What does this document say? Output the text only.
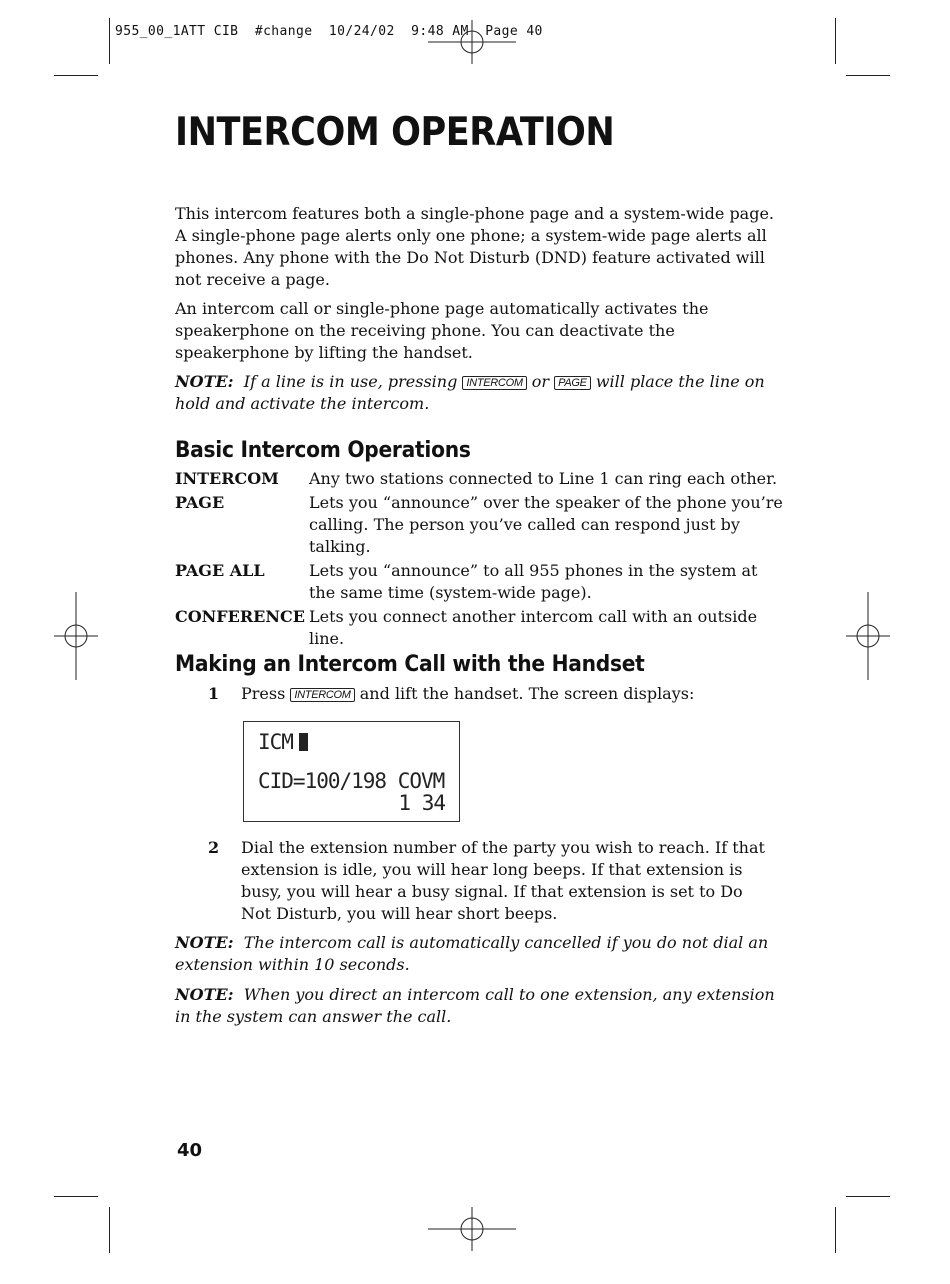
955_00_1ATT CIB  #change  10/24/02  9:48 AM  Page 40
INTERCOM OPERATION

This intercom features both a single-phone page and a system-wide page. A single-phone page alerts only one phone; a system-wide page alerts all phones. Any phone with the Do Not Disturb (DND) feature activated will not receive a page.

An intercom call or single-phone page automatically activates the speakerphone on the receiving phone. You can deactivate the speakerphone by lifting the handset.

NOTE: If a line is in use, pressing INTERCOM or PAGE will place the line on hold and activate the intercom.

Basic Intercom Operations
INTERCOM Any two stations connected to Line 1 can ring each other.
PAGE	Lets you “announce” over the speaker of the phone you’re calling. The person you’ve called can respond just by talking.
PAGE ALL	Lets you “announce” to all 955 phones in the system at the same time (system-wide page).
CONFERENCE Lets you connect another intercom call with an outside line.
Making an Intercom Call with the Handset
1 Press INTERCOM and lift the handset. The screen displays:
ICM
CID=100/198 COVM
1 34
2 Dial the extension number of the party you wish to reach. If that extension is idle, you will hear long beeps. If that extension is busy, you will hear a busy signal. If that extension is set to Do Not Disturb, you will hear short beeps.

NOTE: The intercom call is automatically cancelled if you do not dial an extension within 10 seconds.

NOTE: When you direct an intercom call to one extension, any extension in the system can answer the call.

40
